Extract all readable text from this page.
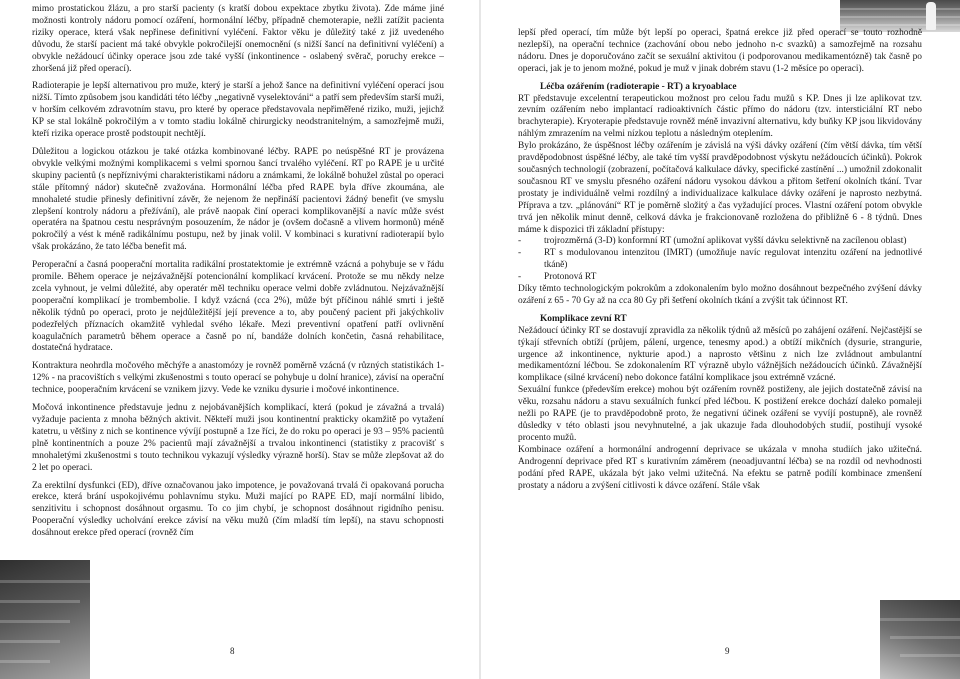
mimo prostatickou žlázu, a pro starší pacienty (s kratší dobou expektace zbytku života). Zde máme jiné možnosti kontroly nádoru pomocí ozáření, hormonální léčby, případně chemoterapie, nežli zatížit pacienta riziky operace, která však nepřinese definitivní vyléčení. Faktor věku je důležitý také z již uvedeného důvodu, že starší pacient má také obvykle pokročilejší onemocnění (s nižší šancí na definitivní vyléčení) a obvykle nežádoucí účinky operace jsou zde také vyšší (inkontinence - oslabený svěrač, poruchy erekce – zhoršená již před operací).

Radioterapie je lepší alternativou pro muže, který je starší a jehož šance na definitivní vyléčení operací jsou nižší. Tímto způsobem jsou kandidáti této léčby „negativně vyselektováni“ a patří sem především starší muži, v horším celkovém zdravotním stavu, pro které by operace představovala nepřiměřené riziko, muži, jejichž KP se stal lokálně pokročilým a v tomto stadiu lokálně chirurgicky neodstranitelným, a samozřejmě muži, kteří rizika operace prostě podstoupit nechtějí.

Důležitou a logickou otázkou je také otázka kombinované léčby. RAPE po neúspěšné RT je provázena obvykle velkými možnými komplikacemi s velmi spornou šancí trvalého vyléčení. RT po RAPE je u určité skupiny pacientů (s nepříznivými charakteristikami nádoru a známkami, že lokálně bohužel zůstal po operaci stále přítomný nádor) skutečně zvažována. Hormonální léčba před RAPE byla dříve zkoumána, ale mnohaleté studie přinesly definitivní závěr, že nejenom že nepřináší pacientovi žádný benefit (ve smyslu zlepšení kontroly nádoru a přežívání), ale právě naopak činí operaci komplikovanější a navíc může svést operatéra na špatnou cestu nesprávným posouzením, že nádor je (ovšem dočasně a vlivem hormonů) méně pokročilý a vést k méně radikálnímu postupu, než by jinak volil. V kombinaci s kurativní radioterapií bylo však prokázáno, že tato léčba benefit má.

Peroperační a časná pooperační mortalita radikální prostatektomie je extrémně vzácná a pohybuje se v řádu promile. Během operace je nejzávažnější potencionální komplikací krvácení. Protože se mu někdy nelze zcela vyhnout, je velmi důležité, aby operatér měl techniku operace velmi dobře zvládnutou. Nejzávažnější pooperační komplikací je trombembolie. I když vzácná (cca 2%), může být příčinou náhlé smrti i ještě několik týdnů po operaci, proto je nejdůležitější její prevence a to, aby poučený pacient při jakýchkoliv podezřelých příznacích okamžitě vyhledal svého lékaře. Mezi preventivní opatření patří ovlivnění koagulačních parametrů během operace a časně po ní, bandáže dolních končetin, časná rehabilitace, dostatečná hydratace.

Kontraktura neohrdla močového měchýře a anastomózy je rovněž poměrně vzácná (v různých statistikách 1-12% - na pracovištích s velkými zkušenostmi s touto operací se pohybuje u dolní hranice), závisí na operační technice, pooperačním krvácení se vznikem jizvy. Vede ke vzniku dysurie i močové inkontinence.

Močová inkontinence představuje jednu z nejobávanějších komplikací, která (pokud je závažná a trvalá) vyžaduje pacienta z mnoha běžných aktivit. Někteří muži jsou kontinentní prakticky okamžitě po vytažení katetru, u většiny z nich se kontinence vývíjí postupně a 1ze říci, že do roku po operaci je 93 – 95% pacientů plně kontinentních a pouze 2% pacientů mají závažnější a trvalou inkontinenci (statistiky z pracovišť s mnohaletými zkušenostmi s touto technikou vykazují výsledky výrazně horší). Stav se může zlepšovat až do 2 let po operaci.

Za erektilní dysfunkci (ED), dříve označovanou jako impotence, je považovaná trvalá či opakovaná porucha erekce, která brání uspokojivému pohlavnímu styku. Muži mající po RAPE ED, mají normální libido, senzitivitu i schopnost dosáhnout orgasmu. To co jim chybí, je schopnost dosáhnout rigidního penisu. Pooperační výsledky ucholvání erekce závisí na věku mužů (čím mladší tím lepší), na stavu schopnosti dosáhnout erekce před operací (rovněž čím

8

lepší před operací, tím může být lepší po operaci, špatná erekce již před operací se touto rozhodně nezlepší), na operační technice (zachování obou nebo jednoho n-c svazků) a samozřejmě na rozsahu nádoru. Dnes je doporučováno začít se sexuální aktivitou (i podporovanou medikamentózně) tak časně po operaci, jak je to jenom možné, pokud je muž v jinak dobrém stavu (1-2 měsíce po operaci).

Léčba ozářením (radioterapie - RT) a kryoablace

RT představuje excelentní terapeutickou možnost pro celou řadu mužů s KP. Dnes ji lze aplikovat tzv. zevním ozářením nebo implantací radioaktivních částic přímo do nádoru (tzv. intersticiální RT nebo brachyterapie). Kryoterapie představuje rovněž méně invazivní alternativu, kdy buňky KP jsou likvidovány náhlým zmrazením na velmi nízkou teplotu a následným oteplením.

Bylo prokázáno, že úspěšnost léčby ozářením je závislá na výši dávky ozáření (čím větší dávka, tím větší pravděpodobnost úspěšné léčby, ale také tím vyšší pravděpodobnost výskytu nežádoucích účinků). Pokrok současných technologií (zobrazení, počítačová kalkulace dávky, specifické zastínění ...) umožnil zdokonalit současnou RT ve smyslu přesného ozáření nádoru vysokou dávkou a přitom šetření okolních tkání. Tvar prostaty je individuálně velmi rozdílný a individualizace kalkulace dávky ozáření je naprosto nezbytná. Příprava a tzv. „plánování“ RT je poměrně složitý a čas vyžadující proces. Vlastní ozáření potom obvykle trvá jen několik minut denně, celková dávka je frakcionovaně rozložena do přibližně 6 - 8 týdnů. Dnes máme k dispozici tři základní přístupy:

- trojrozměrná (3-D) konformní RT (umožní aplikovat vyšší dávku selektivně na zacílenou oblast)
- RT s modulovanou intenzitou (IMRT) (umožňuje navíc regulovat intenzitu ozáření na jednotlivé tkáně)
- Protonová RT

Díky těmto technologickým pokrokům a zdokonalením bylo možno dosáhnout bezpečného zvýšení dávky ozáření z 65 - 70 Gy až na cca 80 Gy při šetření okolních tkání a zvýšit tak účinnost RT.

Komplikace zevní RT

Nežádoucí účinky RT se dostavují zpravidla za několik týdnů až měsíců po zahájení ozáření. Nejčastější se týkají střevních obtíží (průjem, pálení, urgence, tenesmy apod.) a obtíží mikčních (dysurie, strangurie, urgence až inkontinence, nykturie apod.) a naprosto většinu z nich lze zvládnout ambulantní medikamentózní léčbou. Se zdokonalením RT výrazně ubylo vážnějších nežádoucích účinků. Závažnější komplikace (silné krvácení) nebo dokonce fatální komplikace jsou extrémně vzácné.

Sexuální funkce (především erekce) mohou být ozářením rovněž postiženy, ale jejich dostatečně závisí na věku, rozsahu nádoru a stavu sexuálních funkcí před léčbou. K postižení erekce dochází daleko pomaleji nežli po RAPE (je to pravděpodobně proto, že negativní účinek ozáření se vyvíjí postupně), ale rovněž důsledky v této oblasti jsou nevyhnutelné, a jak ukazuje řada dlouhodobých studií, postihují vysoké procento mužů.

Kombinace ozáření a hormonální androgenní deprivace se ukázala v mnoha studiích jako užitečná. Androgenní deprivace před RT s kurativním záměrem (neoadjuvantní léčba) se na rozdíl od nevhodnosti podání před RAPE, ukázala být jako velmi užitečná. Na efektu se patrně podílí kombinace zmenšení prostaty a nádoru a zvýšení citlivosti k dávce ozáření. Stále však

9
